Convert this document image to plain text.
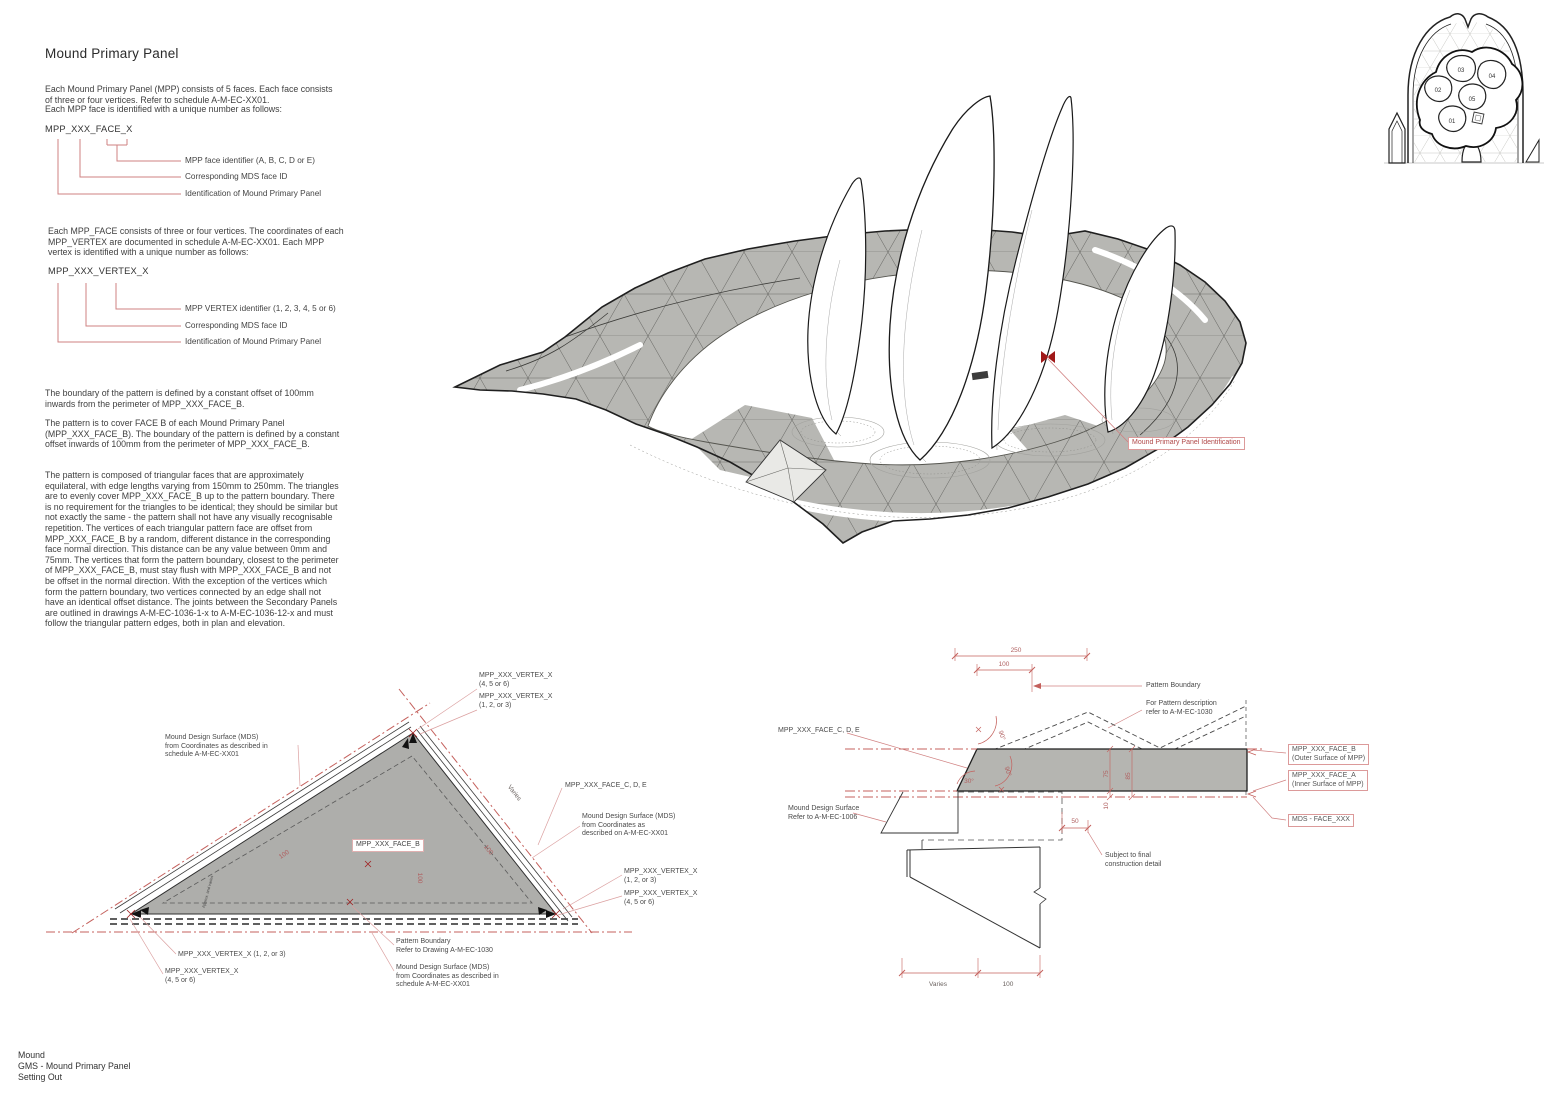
Mound Primary Panel
Each Mound Primary Panel (MPP) consists of 5 faces. Each face consists of three or four vertices. Refer to schedule A-M-EC-XX01.
Each MPP face is identified with a unique number as follows:
MPP_XXX_FACE_X
MPP face identifier (A, B, C, D or E)
Corresponding MDS face ID
Identification of Mound Primary Panel
Each MPP_FACE consists of three or four vertices. The coordinates of each MPP_VERTEX are documented in schedule A-M-EC-XX01. Each MPP vertex is identified with a unique number as follows:
MPP_XXX_VERTEX_X
MPP VERTEX identifier (1, 2, 3, 4, 5 or 6)
Corresponding MDS face ID
Identification of Mound Primary Panel
The boundary of the pattern is defined by a constant offset of 100mm inwards from the perimeter of MPP_XXX_FACE_B.
The pattern is to cover FACE B of each Mound Primary Panel (MPP_XXX_FACE_B). The boundary of the pattern is defined by a constant offset inwards of 100mm from the perimeter of MPP_XXX_FACE_B.
The pattern is composed of triangular faces that are approximately equilateral, with edge lengths varying from 150mm to 250mm. The triangles are to evenly cover MPP_XXX_FACE_B up to the pattern boundary. There is no requirement for the triangles to be identical; they should be similar but not exactly the same - the pattern shall not have any visually recognisable repetition. The vertices of each triangular pattern face are offset from MPP_XXX_FACE_B by a random, different distance in the corresponding face normal direction. This distance can be any value between 0mm and 75mm. The vertices that form the pattern boundary, closest to the perimeter of MPP_XXX_FACE_B, must stay flush with MPP_XXX_FACE_B and not be offset in the normal direction. With the exception of the vertices which form the pattern boundary, two vertices connected by an edge shall not have an identical offset distance. The joints between the Secondary Panels are outlined in drawings A-M-EC-1036-1-x to A-M-EC-1036-12-x and must follow the triangular pattern edges, both in plan and elevation.
03
04
02
05
01
Mound Primary Panel Identification
100	100
100
Varies
Approx. and varies
MPP_XXX_VERTEX_X
(4, 5 or 6)
MPP_XXX_VERTEX_X
(1, 2, or 3)
Mound Design Surface (MDS)
from Coordinates as described in
schedule A-M-EC-XX01
MPP_XXX_FACE_C, D, E
Mound Design Surface (MDS)
from Coordinates as
described on A-M-EC-XX01
MPP_XXX_VERTEX_X
(1, 2, or 3)
MPP_XXX_VERTEX_X
(4, 5 or 6)
MPP_XXX_VERTEX_X (1, 2, or 3)
MPP_XXX_VERTEX_X
(4, 5 or 6)
Pattern Boundary
Refer to Drawing A-M-EC-1030
Mound Design Surface (MDS)
from Coordinates as described in
schedule A-M-EC-XX01
MPP_XXX_FACE_B
250
100
90°
30°
90°	75 85
10
50
Varies	100
Pattern Boundary
For Pattern description
refer to A-M-EC-1030
MPP_XXX_FACE_C, D, E
Mound Design Surface
Refer to A-M-EC-1006
MPP_XXX_FACE_B
(Outer Surface of MPP)
MPP_XXX_FACE_A
(Inner Surface of MPP)
MDS - FACE_XXX
Subject to final
construction detail
Mound
GMS - Mound Primary Panel
Setting Out
